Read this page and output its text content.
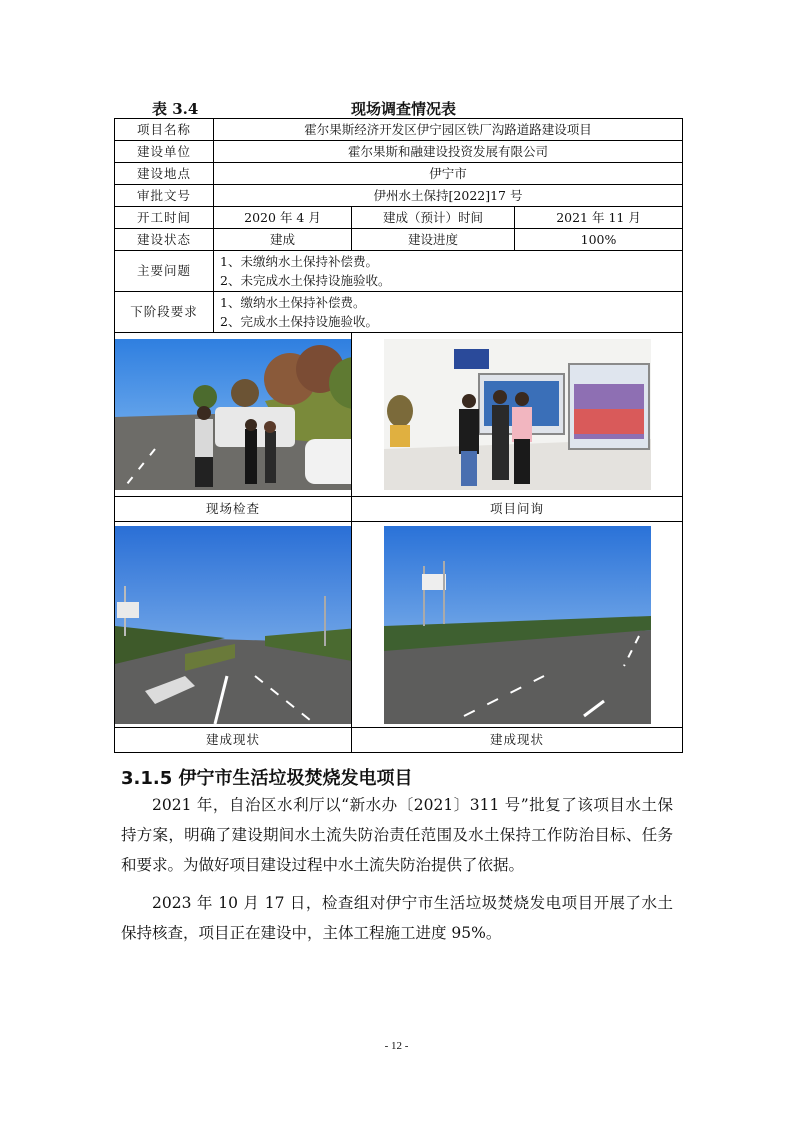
表 3.4	现场调查情况表
项目名称	霍尔果斯经济开发区伊宁园区铁厂沟路道路建设项目		
建设单位	霍尔果斯和融建设投资发展有限公司		
建设地点	伊宁市		
审批文号	伊州水土保持[2022]17 号		
开工时间	2020 年 4 月	建成（预计）时间	2021 年 11 月
建设状态	建成	建设进度	100%
主要问题	1、未缴纳水土保持补偿费。
2、未完成水土保持设施验收。		

下阶段要求	1、缴纳水土保持补偿费。
2、完成水土保持设施验收。		

现场检查		项目问询	

建成现状		建成现状	
3.1.5 伊宁市生活垃圾焚烧发电项目
2021 年，自治区水利厅以“新水办〔2021〕311 号”批复了该项目水土保持方案，明确了建设期间水土流失防治责任范围及水土保持工作防治目标、任务和要求。为做好项目建设过程中水土流失防治提供了依据。
2023 年 10 月 17 日，检查组对伊宁市生活垃圾焚烧发电项目开展了水土保持核查，项目正在建设中，主体工程施工进度 95%。
- 12 -
